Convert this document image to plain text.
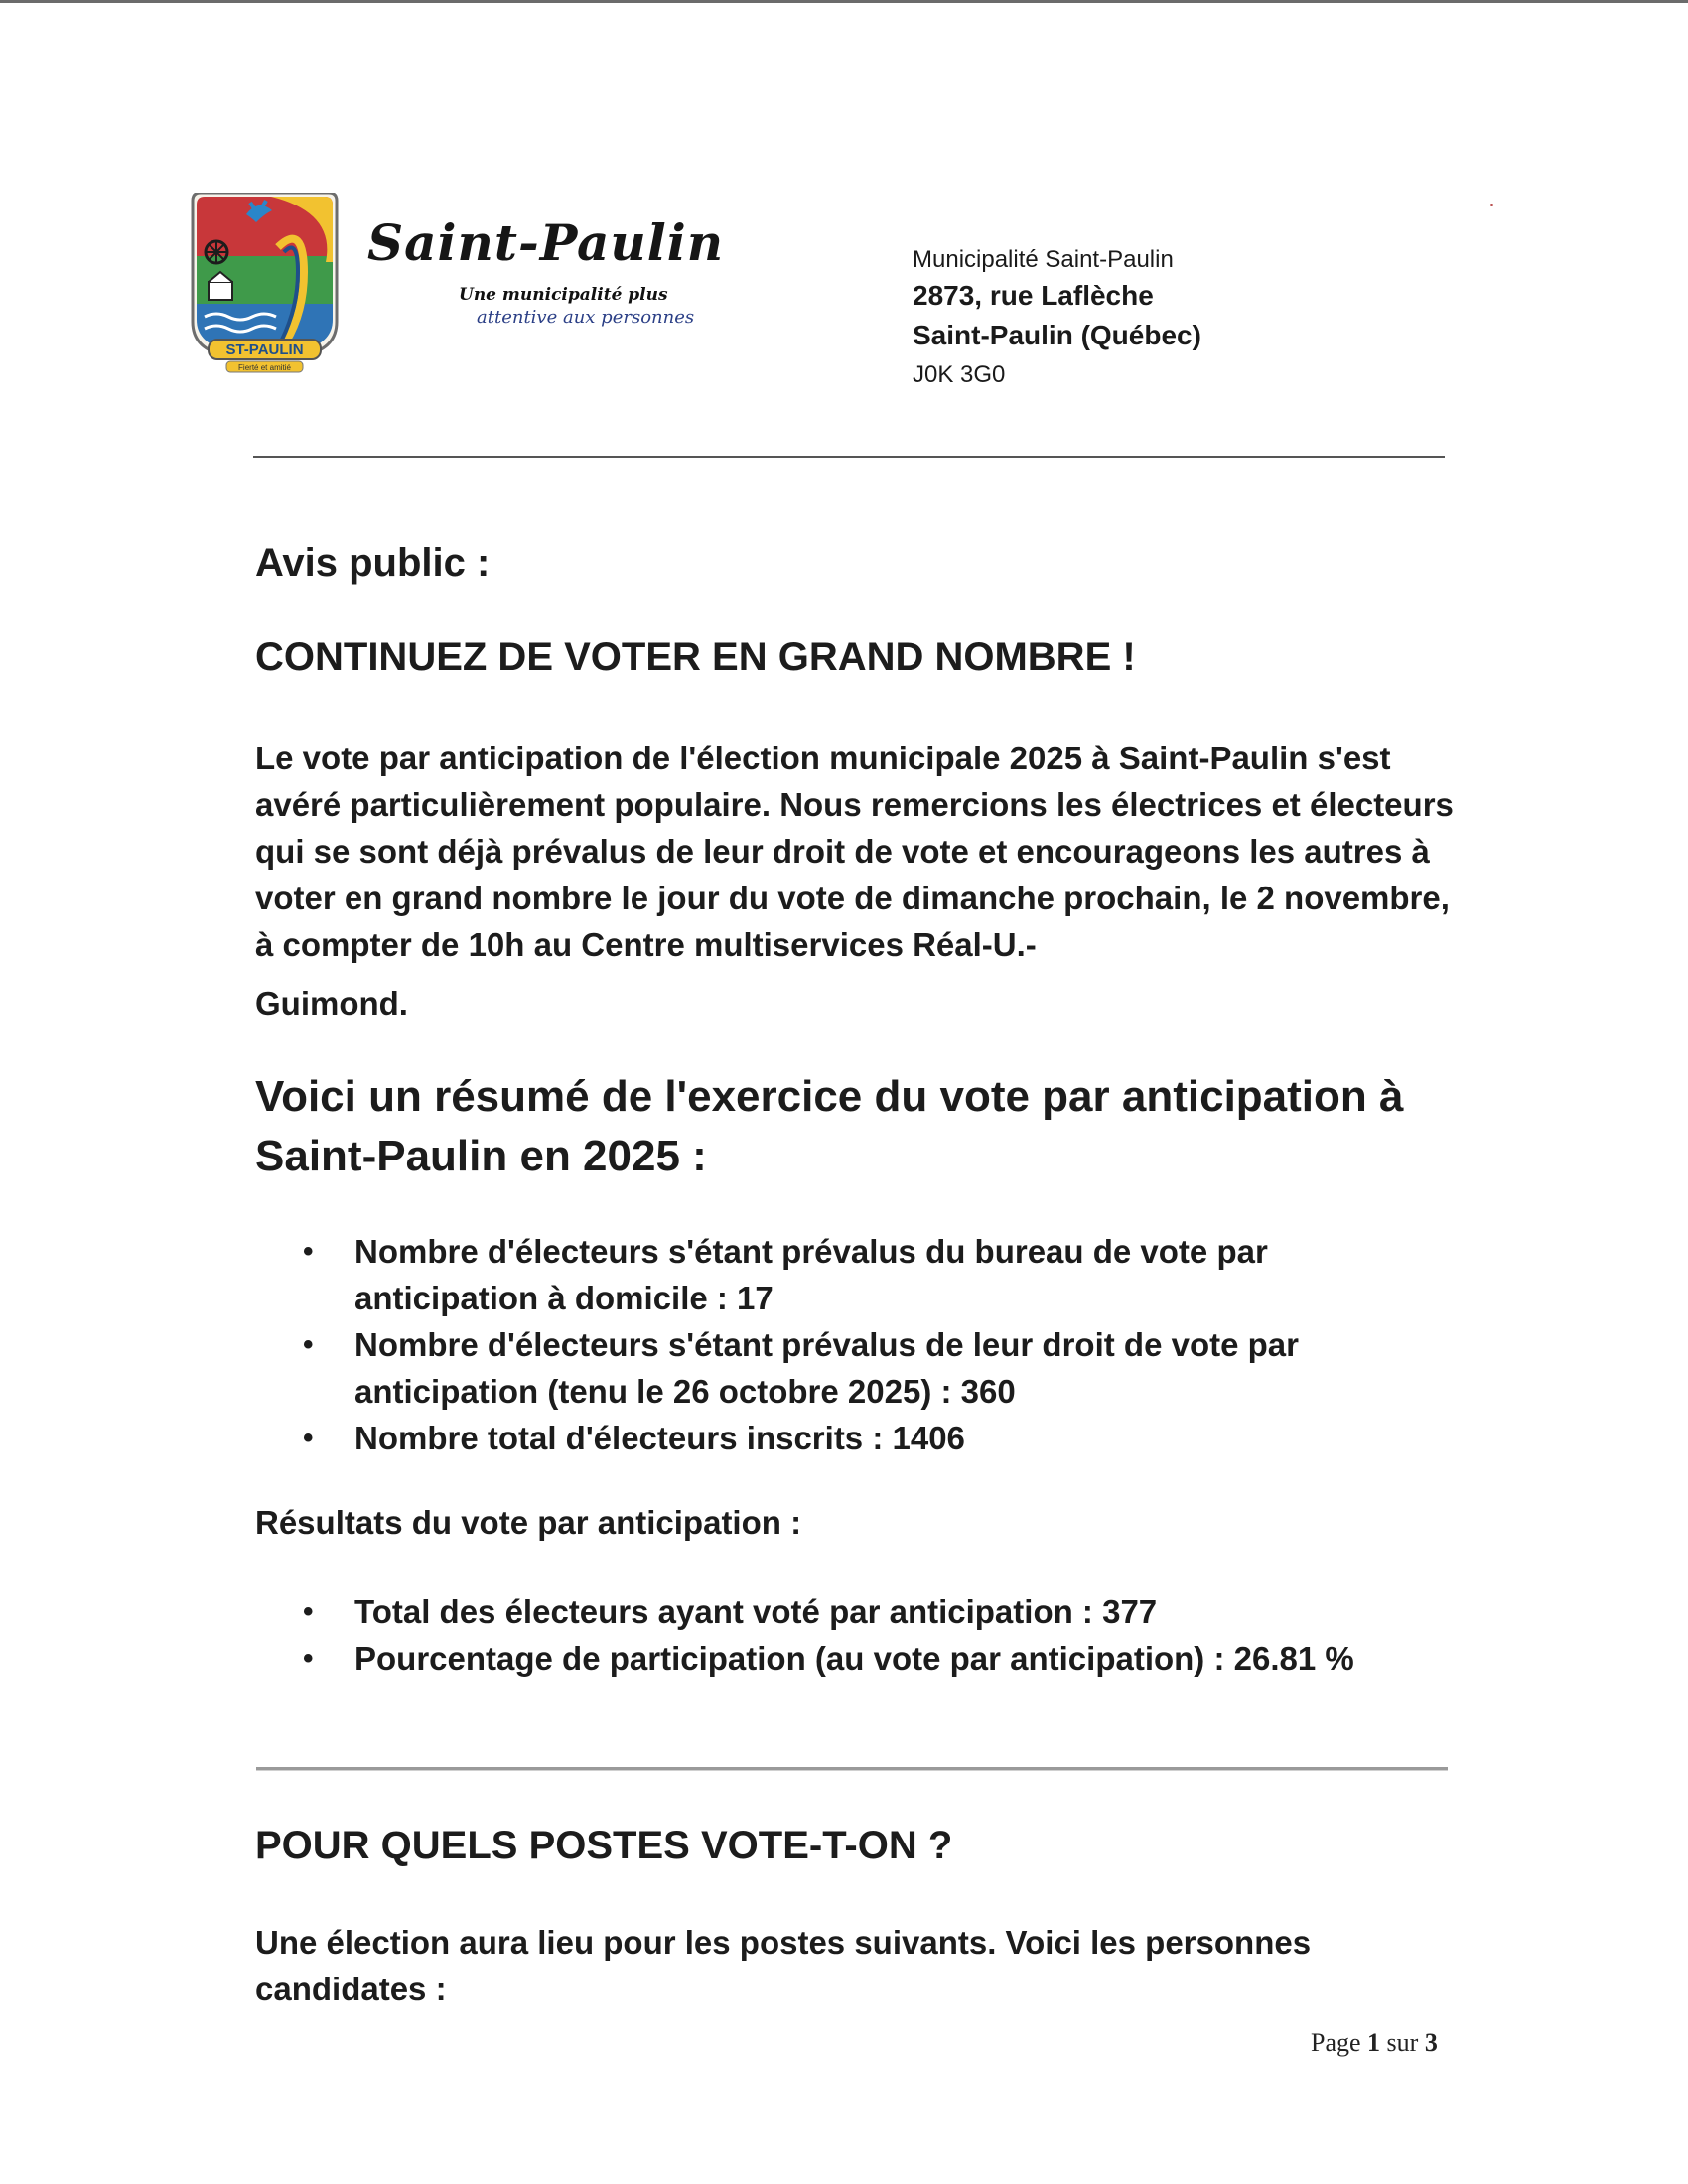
ST-PAULIN
Fierté et amitié
Saint-Paulin
Une municipalité plus
attentive aux personnes
Municipalité Saint-Paulin
2873, rue Laflèche
Saint-Paulin (Québec)
J0K 3G0
Avis public :
CONTINUEZ DE VOTER EN GRAND NOMBRE !
Le vote par anticipation de l'élection municipale 2025 à Saint-Paulin s'est avéré particulièrement populaire. Nous remercions les électrices et électeurs qui se sont déjà prévalus de leur droit de vote et encourageons les autres à voter en grand nombre le jour du vote de dimanche prochain, le 2 novembre, à compter de 10h au Centre multiservices Réal-U.-
Guimond.
Voici un résumé de l'exercice du vote par anticipation à Saint-Paulin en 2025 :
• Nombre d'électeurs s'étant prévalus du bureau de vote par anticipation à domicile : 17
• Nombre d'électeurs s'étant prévalus de leur droit de vote par anticipation (tenu le 26 octobre 2025) : 360
• Nombre total d'électeurs inscrits : 1406
Résultats du vote par anticipation :
• Total des électeurs ayant voté par anticipation : 377
• Pourcentage de participation (au vote par anticipation) : 26.81 %
POUR QUELS POSTES VOTE-T-ON ?
Une élection aura lieu pour les postes suivants. Voici les personnes candidates :
Page 1 sur 3
